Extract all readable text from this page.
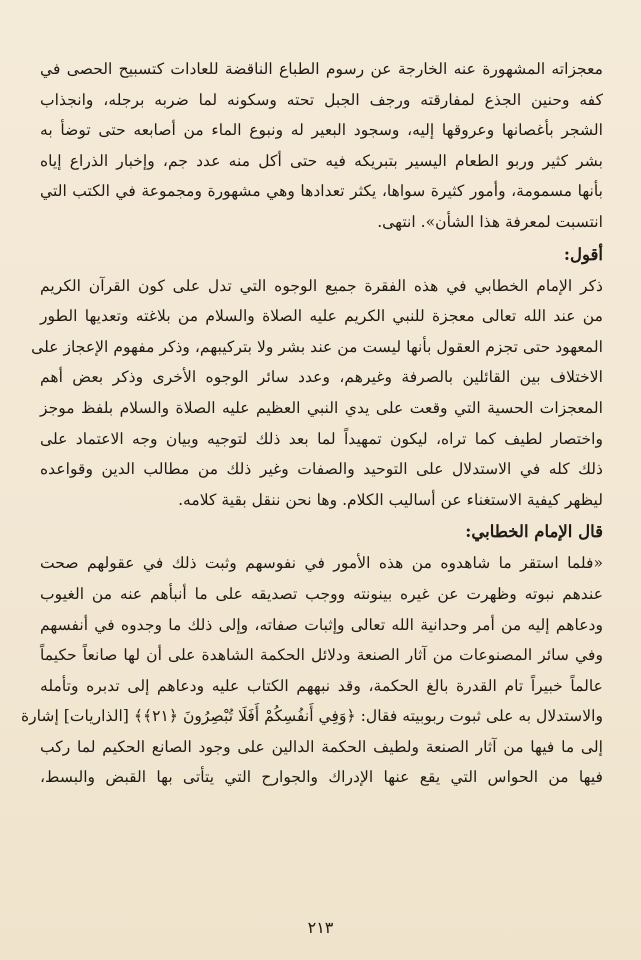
معجزاته المشهورة عنه الخارجة عن رسوم الطباع الناقضة للعادات كتسبيح الحصى في
كفه وحنين الجذع لمفارقته ورجف الجبل تحته وسكونه لما ضربه برجله، وانجذاب
الشجر بأغصانها وعروقها إليه، وسجود البعير له ونبوع الماء من أصابعه حتى توضأ به
بشر كثير وربو الطعام اليسير بتبريكه فيه حتى أكل منه عدد جم، وإخبار الذراع إياه
بأنها مسمومة، وأمور كثيرة سواها، يكثر تعدادها وهي مشهورة ومجموعة في الكتب التي
انتسبت لمعرفة هذا الشأن». انتهى.
أقول:
ذكر الإمام الخطابي في هذه الفقرة جميع الوجوه التي تدل على كون القرآن الكريم
من عند الله تعالى معجزة للنبي الكريم عليه الصلاة والسلام من بلاغته وتعديها الطور
المعهود حتى تجزم العقول بأنها ليست من عند بشر ولا بتركيبهم، وذكر مفهوم الإعجاز على
الاختلاف بين القائلين بالصرفة وغيرهم، وعدد سائر الوجوه الأخرى وذكر بعض أهم
المعجزات الحسية التي وقعت على يدي النبي العظيم عليه الصلاة والسلام بلفظ موجز
واختصار لطيف كما تراه، ليكون تمهيداً لما بعد ذلك لتوجيه وبيان وجه الاعتماد على
ذلك كله في الاستدلال على التوحيد والصفات وغير ذلك من مطالب الدين وقواعده
ليظهر كيفية الاستغناء عن أساليب الكلام. وها نحن ننقل بقية كلامه.
قال الإمام الخطابي:
«فلما استقر ما شاهدوه من هذه الأمور في نفوسهم وثبت ذلك في عقولهم صحت
عندهم نبوته وظهرت عن غيره بينونته ووجب تصديقه على ما أنبأهم عنه من الغيوب
ودعاهم إليه من أمر وحدانية الله تعالى وإثبات صفاته، وإلى ذلك ما وجدوه في أنفسهم
وفي سائر المصنوعات من آثار الصنعة ودلائل الحكمة الشاهدة على أن لها صانعاً حكيماً
عالماً خبيراً تام القدرة بالغ الحكمة، وقد نبههم الكتاب عليه ودعاهم إلى تدبره وتأمله
والاستدلال به على ثبوت ربوبيته فقال: ﴿وَفِي أَنفُسِكُمْ أَفَلَا تُبْصِرُونَ ﴿٢١﴾﴾ [الذاريات] إشارة
إلى ما فيها من آثار الصنعة ولطيف الحكمة الدالين على وجود الصانع الحكيم لما ركب
فيها من الحواس التي يقع عنها الإدراك والجوارح التي يتأتى بها القبض والبسط،
٢١٣
